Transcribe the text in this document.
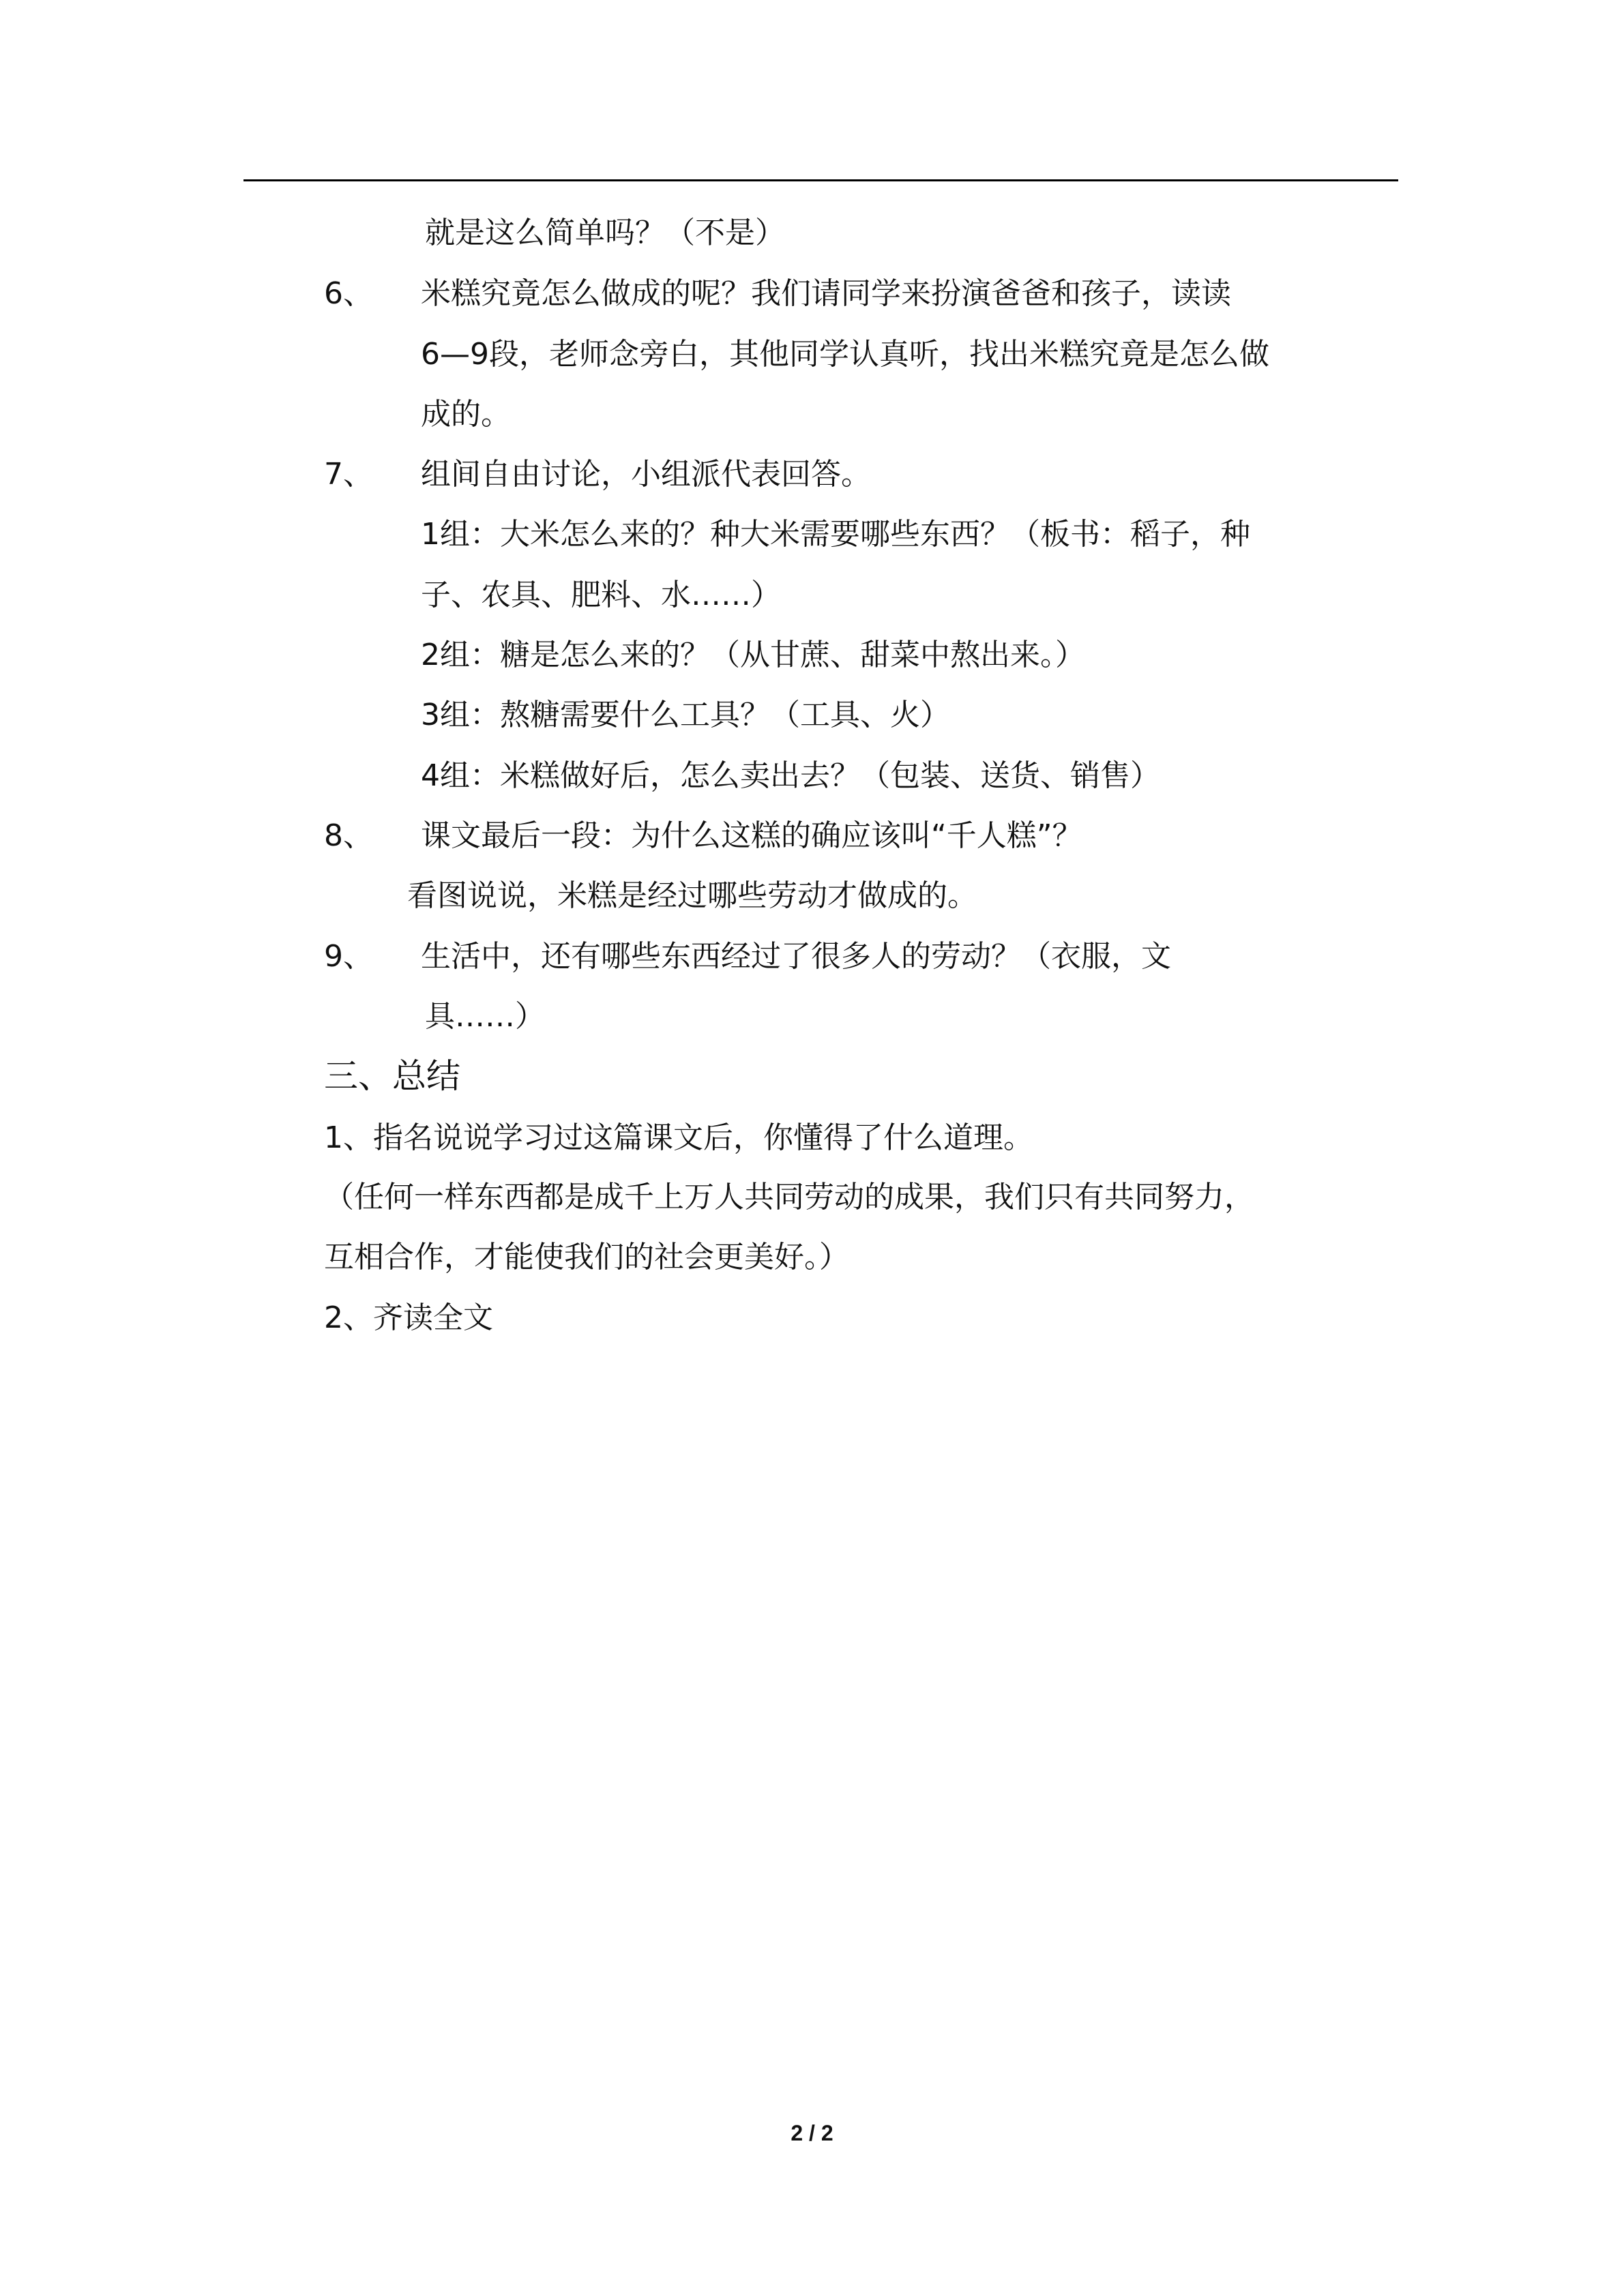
就是这么简单吗？（不是）
6、 米糕究竟怎么做成的呢？我们请同学来扮演爸爸和孩子，读读
6—9段，老师念旁白，其他同学认真听，找出米糕究竟是怎么做
成的。
7、 组间自由讨论，小组派代表回答。
1组：大米怎么来的？种大米需要哪些东西？（板书：稻子，种
子、农具、肥料、水……）
2组：糖是怎么来的？（从甘蔗、甜菜中熬出来。）
3组：熬糖需要什么工具？（工具、火）
4组：米糕做好后，怎么卖出去？（包装、送货、销售）
8、 课文最后一段：为什么这糕的确应该叫“千人糕”？
看图说说，米糕是经过哪些劳动才做成的。
9、 生活中，还有哪些东西经过了很多人的劳动？（衣服，文
具……）
三、总结
1、指名说说学习过这篇课文后，你懂得了什么道理。
（任何一样东西都是成千上万人共同劳动的成果，我们只有共同努力，
互相合作，才能使我们的社会更美好。）
2、齐读全文
2 / 2
